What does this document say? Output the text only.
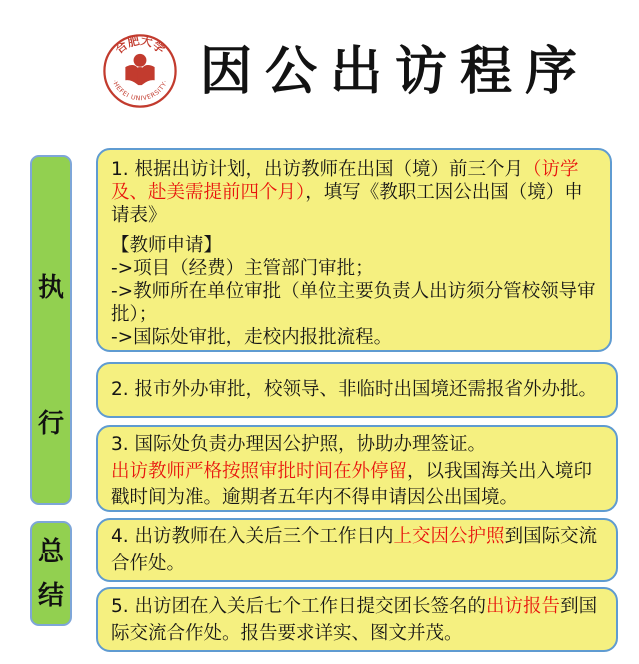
合肥大学
·HEFEI UNIVERSITY· 因公出访程序
执
行
总
结
1. 根据出访计划，出访教师在出国（境）前三个月（访学及、赴美需提前四个月），填写《教职工因公出国（境）申请表》
【教师申请】
->项目（经费）主管部门审批；
->教师所在单位审批（单位主要负责人出访须分管校领导审批）；
->国际处审批，走校内报批流程。
2. 报市外办审批，校领导、非临时出国境还需报省外办批。
3. 国际处负责办理因公护照，协助办理签证。
出访教师严格按照审批时间在外停留，以我国海关出入境印戳时间为准。逾期者五年内不得申请因公出国境。
4. 出访教师在入关后三个工作日内上交因公护照到国际交流合作处。
5. 出访团在入关后七个工作日提交团长签名的出访报告到国际交流合作处。报告要求详实、图文并茂。
